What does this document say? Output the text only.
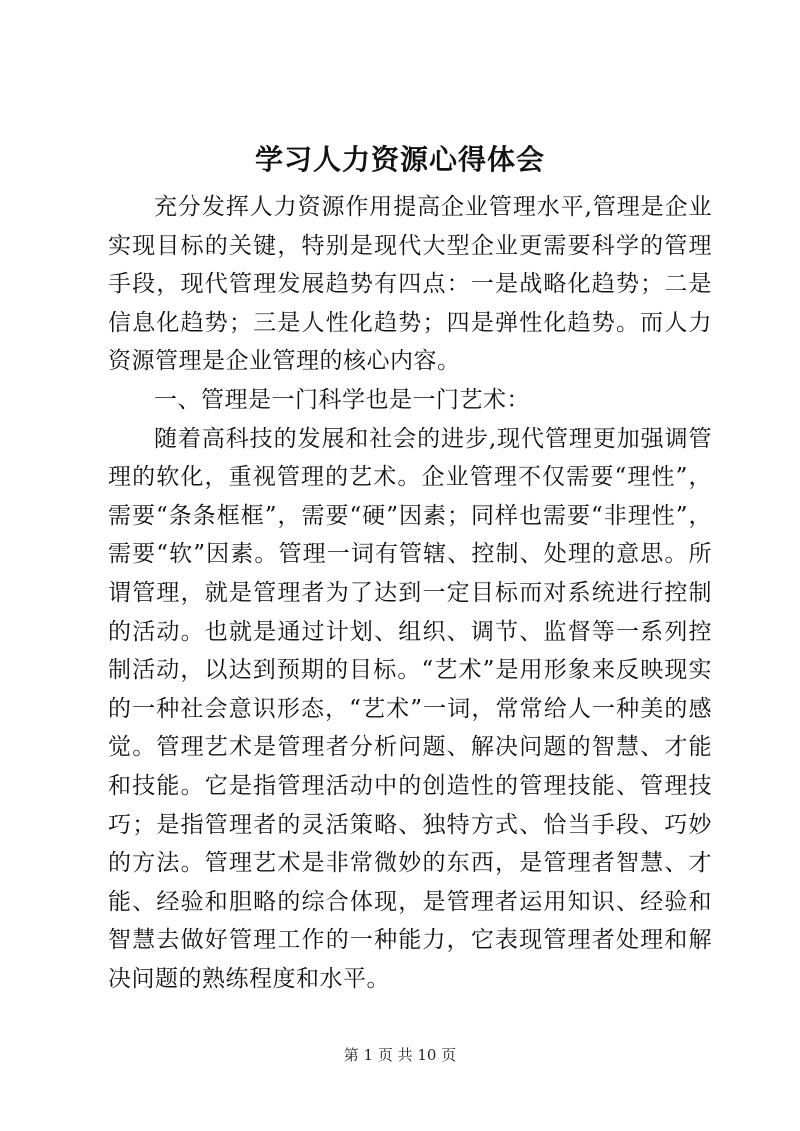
学习人力资源心得体会

充分发挥人力资源作用提高企业管理水平,管理是企业实现目标的关键，特别是现代大型企业更需要科学的管理手段，现代管理发展趋势有四点：一是战略化趋势；二是信息化趋势；三是人性化趋势；四是弹性化趋势。而人力资源管理是企业管理的核心内容。

一、管理是一门科学也是一门艺术：

随着高科技的发展和社会的进步,现代管理更加强调管理的软化，重视管理的艺术。企业管理不仅需要“理性”，需要“条条框框”，需要“硬”因素；同样也需要“非理性”，需要“软”因素。管理一词有管辖、控制、处理的意思。所谓管理，就是管理者为了达到一定目标而对系统进行控制的活动。也就是通过计划、组织、调节、监督等一系列控制活动，以达到预期的目标。“艺术”是用形象来反映现实的一种社会意识形态，“艺术”一词，常常给人一种美的感觉。管理艺术是管理者分析问题、解决问题的智慧、才能和技能。它是指管理活动中的创造性的管理技能、管理技巧；是指管理者的灵活策略、独特方式、恰当手段、巧妙的方法。管理艺术是非常微妙的东西，是管理者智慧、才能、经验和胆略的综合体现，是管理者运用知识、经验和智慧去做好管理工作的一种能力，它表现管理者处理和解决问题的熟练程度和水平。

第 1 页 共 10 页
